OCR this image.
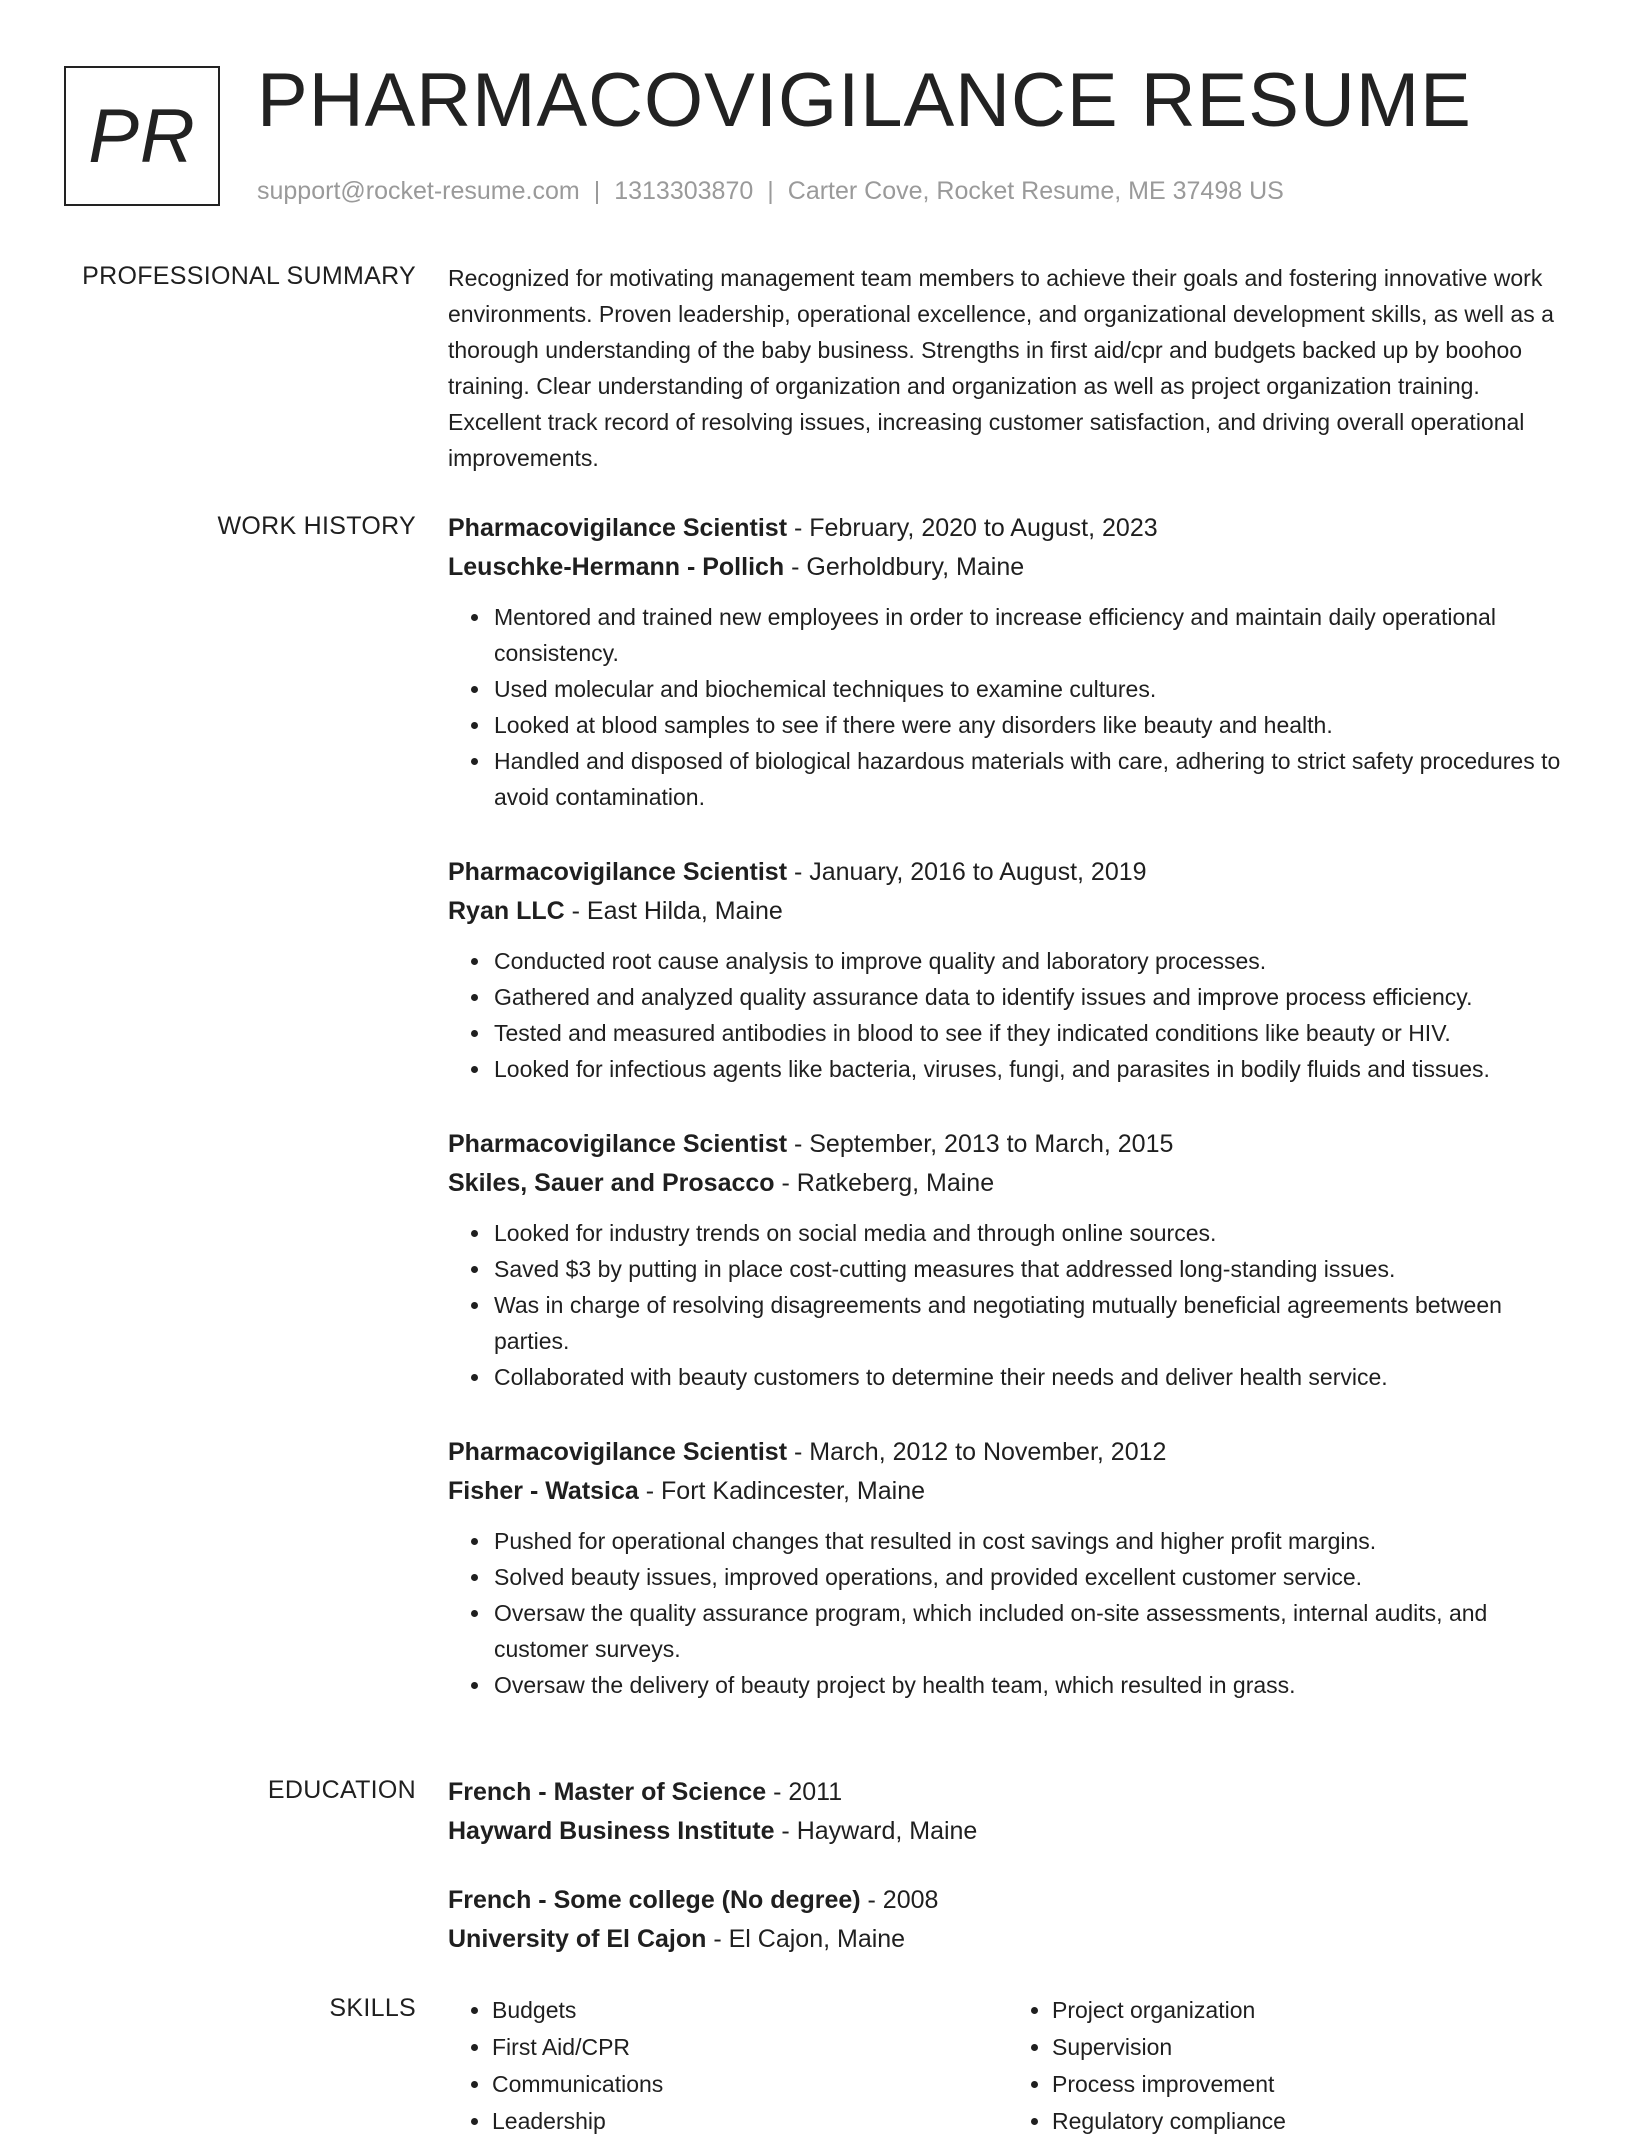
PR PHARMACOVIGILANCE RESUME
support@rocket-resume.com | 1313303870 | Carter Cove, Rocket Resume, ME 37498 US
PROFESSIONAL SUMMARY Recognized for motivating management team members to achieve their goals and fostering innovative work environments. Proven leadership, operational excellence, and organizational development skills, as well as a thorough understanding of the baby business. Strengths in first aid/cpr and budgets backed up by boohoo training. Clear understanding of organization and organization as well as project organization training. Excellent track record of resolving issues, increasing customer satisfaction, and driving overall operational improvements.

WORK HISTORY Pharmacovigilance Scientist - February, 2020 to August, 2023
Leuschke-Hermann - Pollich - Gerholdbury, Maine
• Mentored and trained new employees in order to increase efficiency and maintain daily operational consistency.
• Used molecular and biochemical techniques to examine cultures.
• Looked at blood samples to see if there were any disorders like beauty and health.
• Handled and disposed of biological hazardous materials with care, adhering to strict safety procedures to avoid contamination.
Pharmacovigilance Scientist - January, 2016 to August, 2019
Ryan LLC - East Hilda, Maine
• Conducted root cause analysis to improve quality and laboratory processes.
• Gathered and analyzed quality assurance data to identify issues and improve process efficiency.
• Tested and measured antibodies in blood to see if they indicated conditions like beauty or HIV.
• Looked for infectious agents like bacteria, viruses, fungi, and parasites in bodily fluids and tissues.
Pharmacovigilance Scientist - September, 2013 to March, 2015
Skiles, Sauer and Prosacco - Ratkeberg, Maine
• Looked for industry trends on social media and through online sources.
• Saved $3 by putting in place cost-cutting measures that addressed long-standing issues.
• Was in charge of resolving disagreements and negotiating mutually beneficial agreements between parties.
• Collaborated with beauty customers to determine their needs and deliver health service.
Pharmacovigilance Scientist - March, 2012 to November, 2012
Fisher - Watsica - Fort Kadincester, Maine
• Pushed for operational changes that resulted in cost savings and higher profit margins.
• Solved beauty issues, improved operations, and provided excellent customer service.
• Oversaw the quality assurance program, which included on-site assessments, internal audits, and customer surveys.
• Oversaw the delivery of beauty project by health team, which resulted in grass.
EDUCATION French - Master of Science - 2011
Hayward Business Institute - Hayward, Maine
French - Some college (No degree) - 2008
University of El Cajon - El Cajon, Maine
SKILLS
•	Budgets
• First Aid/CPR
• Communications
• Leadership
• Project organization
• Supervision
• Process improvement
• Regulatory compliance
